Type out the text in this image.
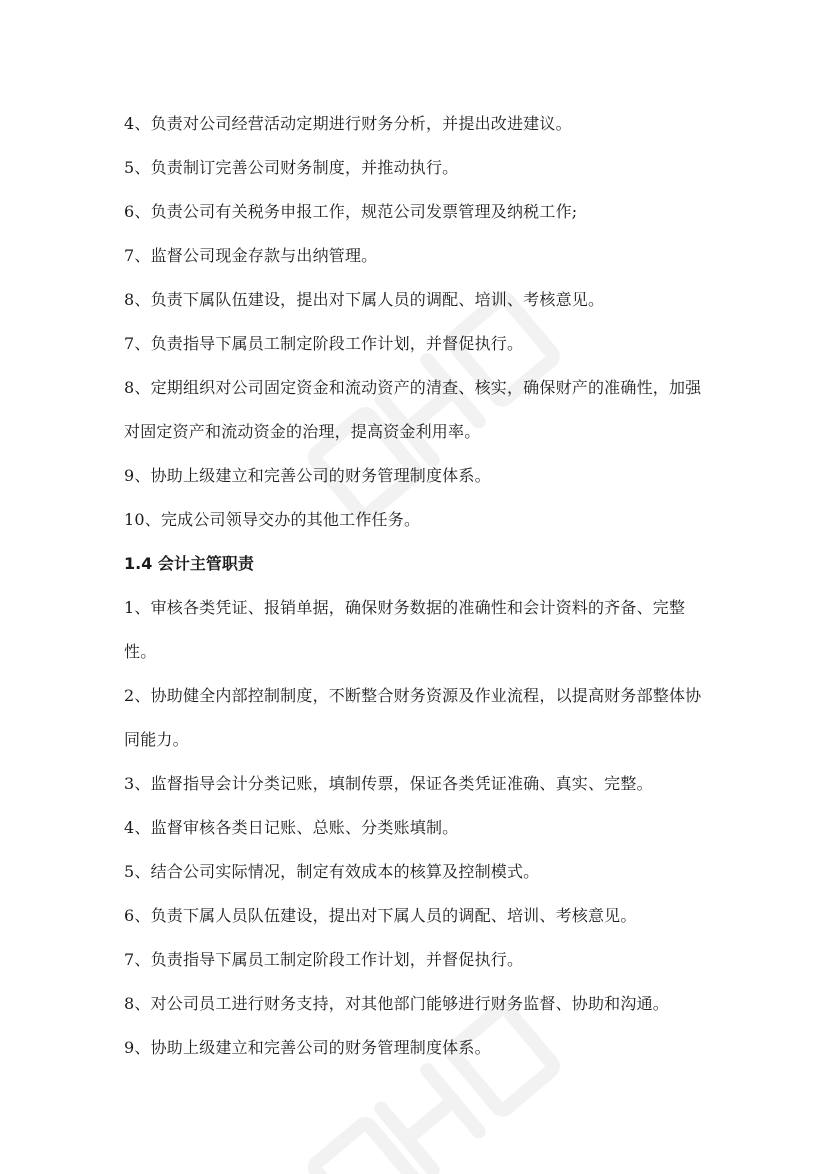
4、负责对公司经营活动定期进行财务分析，并提出改进建议。

5、负责制订完善公司财务制度，并推动执行。

6、负责公司有关税务申报工作，规范公司发票管理及纳税工作;

7、监督公司现金存款与出纳管理。

8、负责下属队伍建设，提出对下属人员的调配、培训、考核意见。

7、负责指导下属员工制定阶段工作计划，并督促执行。

8、定期组织对公司固定资金和流动资产的清查、核实，确保财产的准确性，加强对固定资产和流动资金的治理，提高资金利用率。

9、协助上级建立和完善公司的财务管理制度体系。

10、完成公司领导交办的其他工作任务。

1.4 会计主管职责

1、审核各类凭证、报销单据，确保财务数据的准确性和会计资料的齐备、完整性。

2、协助健全内部控制制度，不断整合财务资源及作业流程，以提高财务部整体协同能力。

3、监督指导会计分类记账，填制传票，保证各类凭证准确、真实、完整。

4、监督审核各类日记账、总账、分类账填制。

5、结合公司实际情况，制定有效成本的核算及控制模式。

6、负责下属人员队伍建设，提出对下属人员的调配、培训、考核意见。

7、负责指导下属员工制定阶段工作计划，并督促执行。

8、对公司员工进行财务支持，对其他部门能够进行财务监督、协助和沟通。

9、协助上级建立和完善公司的财务管理制度体系。
